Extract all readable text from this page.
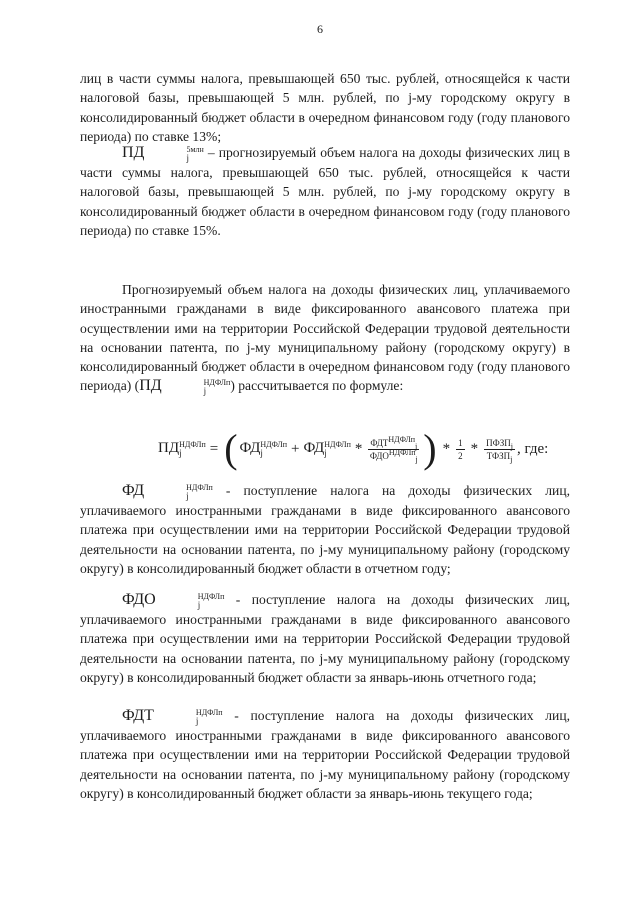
6

лиц в части суммы налога, превышающей 650 тыс. рублей, относящейся к части налоговой базы, превышающей 5 млн. рублей, по j-му городскому округу в консолидированный бюджет области в очередном финансовом году (году планового периода) по ставке 13%;

ПД	5млн
j	– прогнозируемый объем налога на доходы физических лиц в части суммы налога, превышающей 650 тыс. рублей, относящейся к части налоговой базы, превышающей 5 млн. рублей, по j-му городскому округу в консолидированный бюджет области в очередном финансовом году (году планового периода) по ставке 15%.

Прогнозируемый объем налога на доходы физических лиц, уплачиваемого иностранными гражданами в виде фиксированного авансового платежа при осуществлении ими на территории Российской Федерации трудовой деятельности на основании патента, по j-му муниципальному району (городскому округу) в консолидированный бюджет области в очередном финансовом году (году планового периода) (ПД	НДФЛп
j	) рассчитывается по формуле:

ПД НДФЛп
j	= ( ФД НДФЛп
j	+ ФД НДФЛп
j	* $\frac{ФДТ^{НДФЛп}_j}{ФДО^{НДФЛп}_j}$ ) * $\frac{1}{2} * \frac{ПФЗП_j}{ТФЗП_j}$ , где:

ФД	НДФЛп
j	- поступление налога на доходы физических лиц, уплачиваемого иностранными гражданами в виде фиксированного авансового платежа при осуществлении ими на территории Российской Федерации трудовой деятельности на основании патента, по j-му муниципальному району (городскому округу) в консолидированный бюджет области в отчетном году;

ФДО	НДФЛп
j	- поступление налога на доходы физических лиц, уплачиваемого иностранными гражданами в виде фиксированного авансового платежа при осуществлении ими на территории Российской Федерации трудовой деятельности на основании патента, по j-му муниципальному району (городскому округу) в консолидированный бюджет области за январь-июнь отчетного года;

ФДТ	НДФЛп
j	- поступление налога на доходы физических лиц, уплачиваемого иностранными гражданами в виде фиксированного авансового платежа при осуществлении ими на территории Российской Федерации трудовой деятельности на основании патента, по j-му муниципальному району (городскому округу) в консолидированный бюджет области за январь-июнь текущего года;
